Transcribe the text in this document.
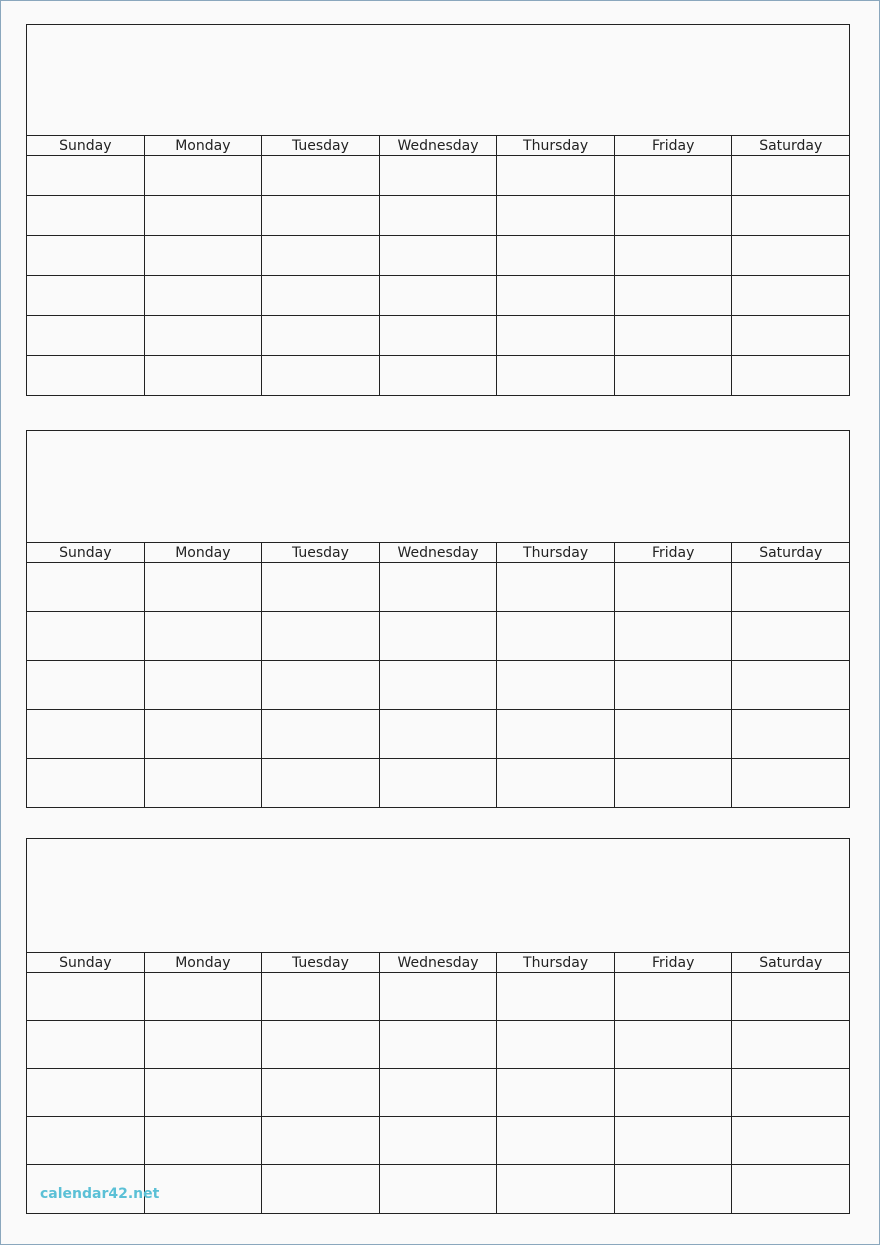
Sunday	Monday	Tuesday	Wednesday	Thursday	Friday	Saturday
Sunday	Monday	Tuesday	Wednesday	Thursday	Friday	Saturday
Sunday	Monday	Tuesday	Wednesday	Thursday	Friday	Saturday
calendar42.net
